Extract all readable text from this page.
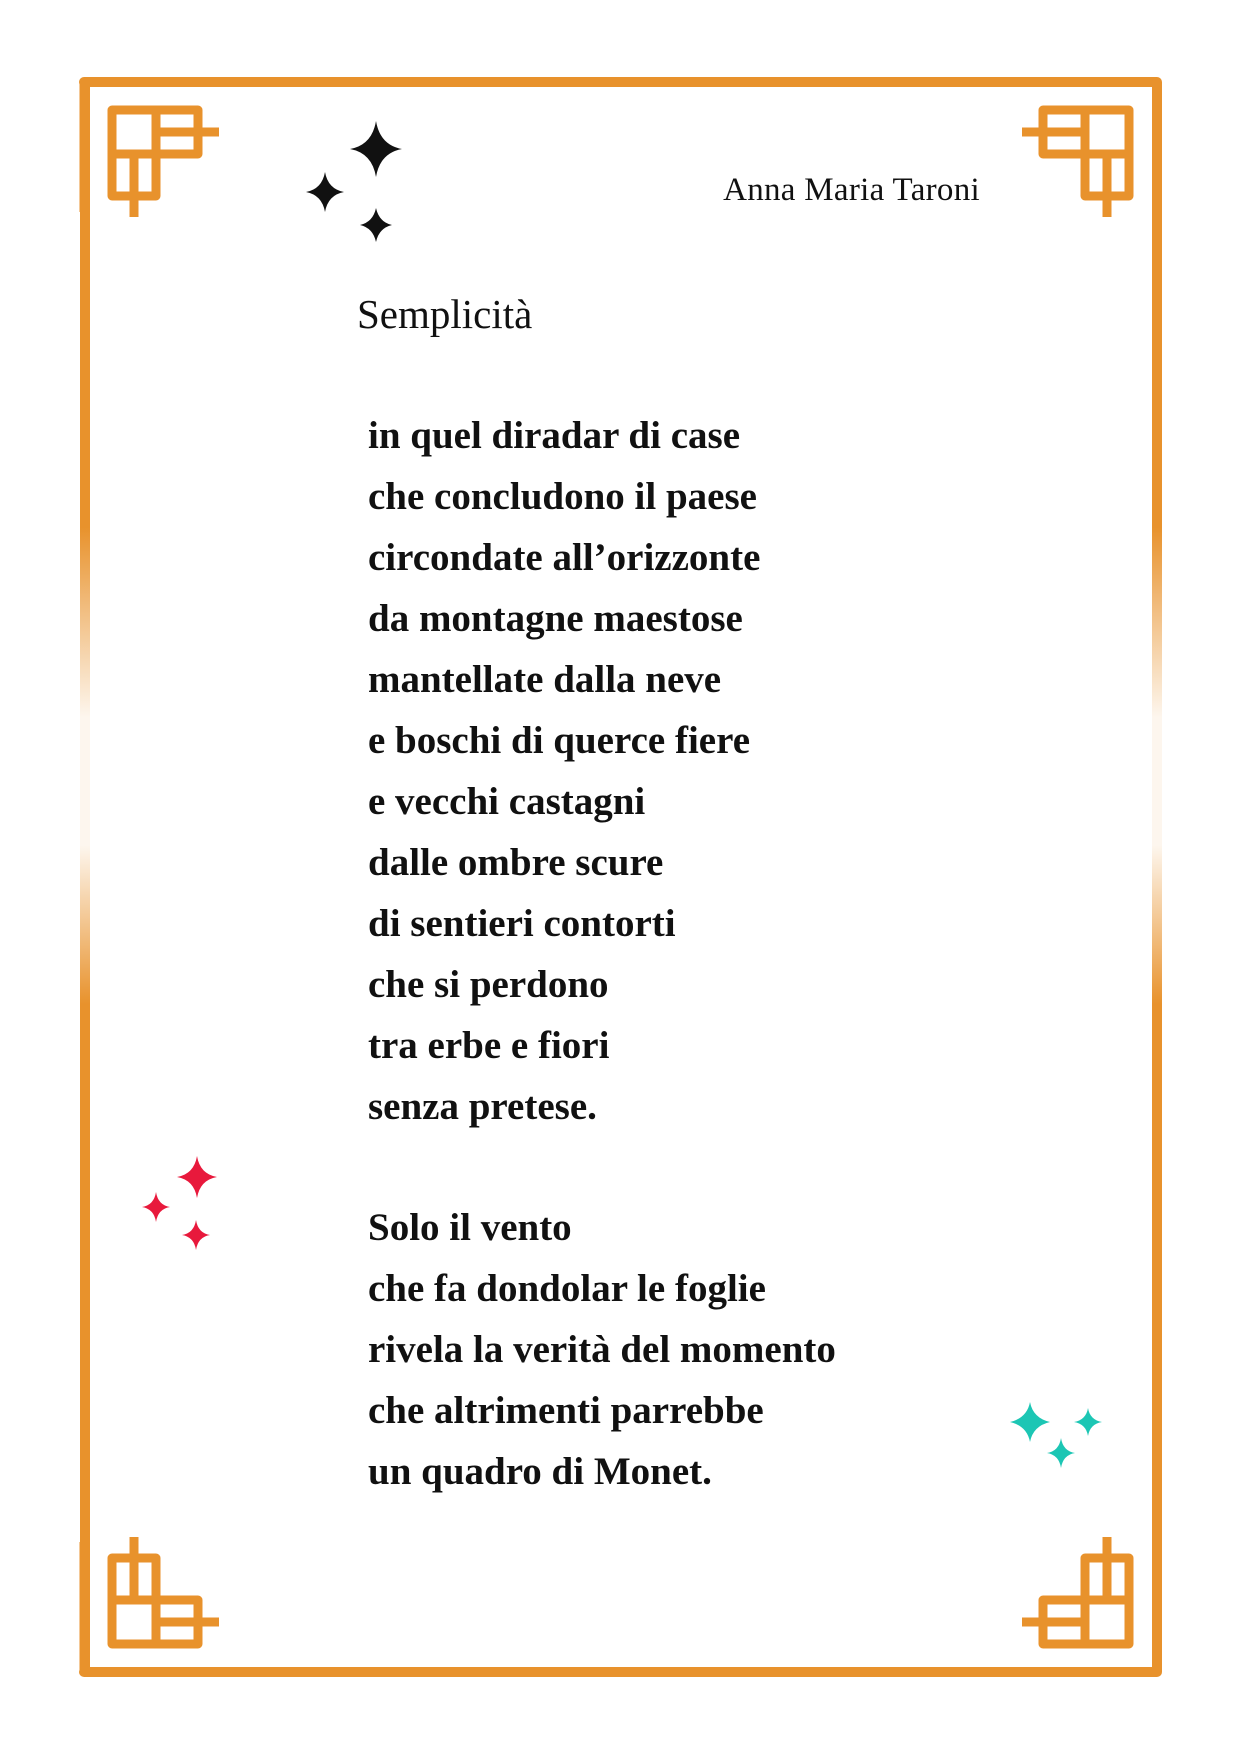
Anna Maria Taroni
Semplicità
in quel diradar di case
che concludono il paese
circondate all’orizzonte
da montagne maestose
mantellate dalla neve
e boschi di querce fiere
e vecchi castagni
dalle ombre scure
di sentieri contorti
che si perdono
tra erbe e fiori
senza pretese.
Solo il vento
che fa dondolar le foglie
rivela la verità del momento
che altrimenti parrebbe
un quadro di Monet.
